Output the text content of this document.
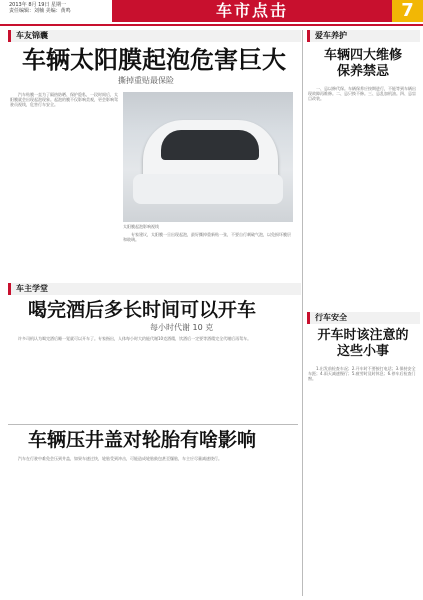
2013年 8月 19日 星期一
责任编辑：刘楠 美编：黄鸣	车市点击	7
车友锦囊
车辆太阳膜起泡危害巨大
撕掉重贴最保险

汽车贴膜一直为了隔热防晒、保护隐私，一段时间后，太阳膜就会出现起泡现象。起泡的膜不仅影响美观，更会影响驾驶员视线，危害行车安全。

太阳膜起泡影响视线

专家建议，太阳膜一旦出现起泡，最好撕掉重新贴一张，不要自行刺破气泡，以免损坏膜层和玻璃。

车主学堂
喝完酒后多长时间可以开车
每小时代谢 10 克

许多司机认为喝完酒后睡一觉就可以开车了。专家指出，人体每小时大约能代谢10克酒精，饮酒后一定要等酒精完全代谢后再驾车。

车辆压井盖对轮胎有啥影响

汽车在行驶中难免会压到井盖，如果车速过快，轮胎受到冲击，可能造成轮胎鼓包甚至爆胎，车主应尽量减速绕行。

爱车养护
车辆四大维修
保养禁忌

一、忌以修代保。车辆保养应按期进行，不能等到车辆出现故障再维修。二、忌只换不修。三、忌乱加机油。四、忌盲目改装。

行车安全
开车时该注意的
这些小事

1.出发前检查车况；2.开车时不要接打电话；3.保持安全车距；4.雨天减速慢行；5.疲劳时及时休息；6.停车后检查门窗。
